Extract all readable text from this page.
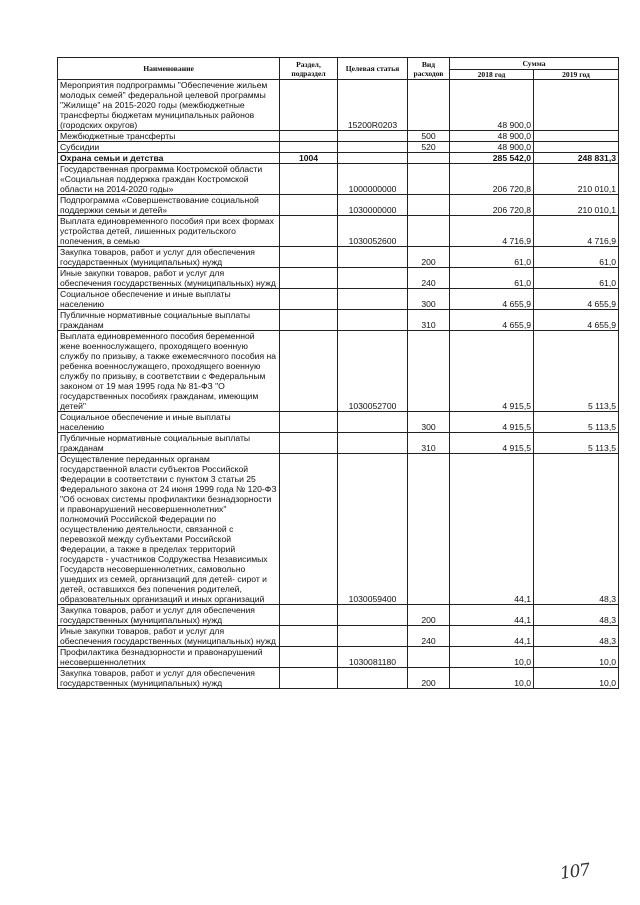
Наименование	Раздел, подраздел	Целевая статья	Вид расходов	Сумма	
				2018 год	2019 год
Мероприятия подпрограммы "Обеспечение жильем молодых семей" федеральной целевой программы "Жилище" на 2015-2020 годы (межбюджетные трансферты бюджетам муниципальных районов (городских округов)		15200R0203		48 900,0	
Межбюджетные трансферты			500	48 900,0	
Субсидии			520	48 900,0	
Охрана семьи и детства	1004			285 542,0	248 831,3
Государственная программа Костромской области «Социальная поддержка граждан Костромской области на 2014-2020 годы»		1000000000		206 720,8	210 010,1
Подпрограмма «Совершенствование социальной поддержки семьи и детей»		1030000000		206 720,8	210 010,1
Выплата единовременного пособия при всех формах устройства детей, лишенных родительского попечения, в семью		1030052600		4 716,9	4 716,9
Закупка товаров, работ и услуг для обеспечения государственных (муниципальных) нужд			200	61,0	61,0
Иные закупки товаров, работ и услуг для обеспечения государственных (муниципальных) нужд			240	61,0	61,0
Социальное обеспечение и иные выплаты населению			300	4 655,9	4 655,9
Публичные нормативные социальные выплаты гражданам			310	4 655,9	4 655,9
Выплата единовременного пособия беременной жене военнослужащего, проходящего военную службу по призыву, а также ежемесячного пособия на ребенка военнослужащего, проходящего военную службу по призыву, в соответствии с Федеральным законом от 19 мая 1995 года № 81-ФЗ "О государственных пособиях гражданам, имеющим детей"		1030052700		4 915,5	5 113,5
Социальное обеспечение и иные выплаты населению			300	4 915,5	5 113,5
Публичные нормативные социальные выплаты гражданам			310	4 915,5	5 113,5
Осуществление переданных органам государственной власти субъектов Российской Федерации в соответствии с пунктом 3 статьи 25 Федерального закона от 24 июня 1999 года № 120-ФЗ "Об основах системы профилактики безнадзорности и правонарушений несовершеннолетних" полномочий Российской Федерации по осуществлению деятельности, связанной с перевозкой между субъектами Российской Федерации, а также в пределах территорий государств - участников Содружества Независимых Государств несовершеннолетних, самовольно ушедших из семей, организаций для детей- сирот и детей, оставшихся без попечения родителей, образовательных организаций и иных организаций		1030059400		44,1	48,3
Закупка товаров, работ и услуг для обеспечения государственных (муниципальных) нужд			200	44,1	48,3
Иные закупки товаров, работ и услуг для обеспечения государственных (муниципальных) нужд			240	44,1	48,3
Профилактика безнадзорности и правонарушений несовершеннолетних		1030081180		10,0	10,0
Закупка товаров, работ и услуг для обеспечения государственных (муниципальных) нужд			200	10,0	10,0
107
